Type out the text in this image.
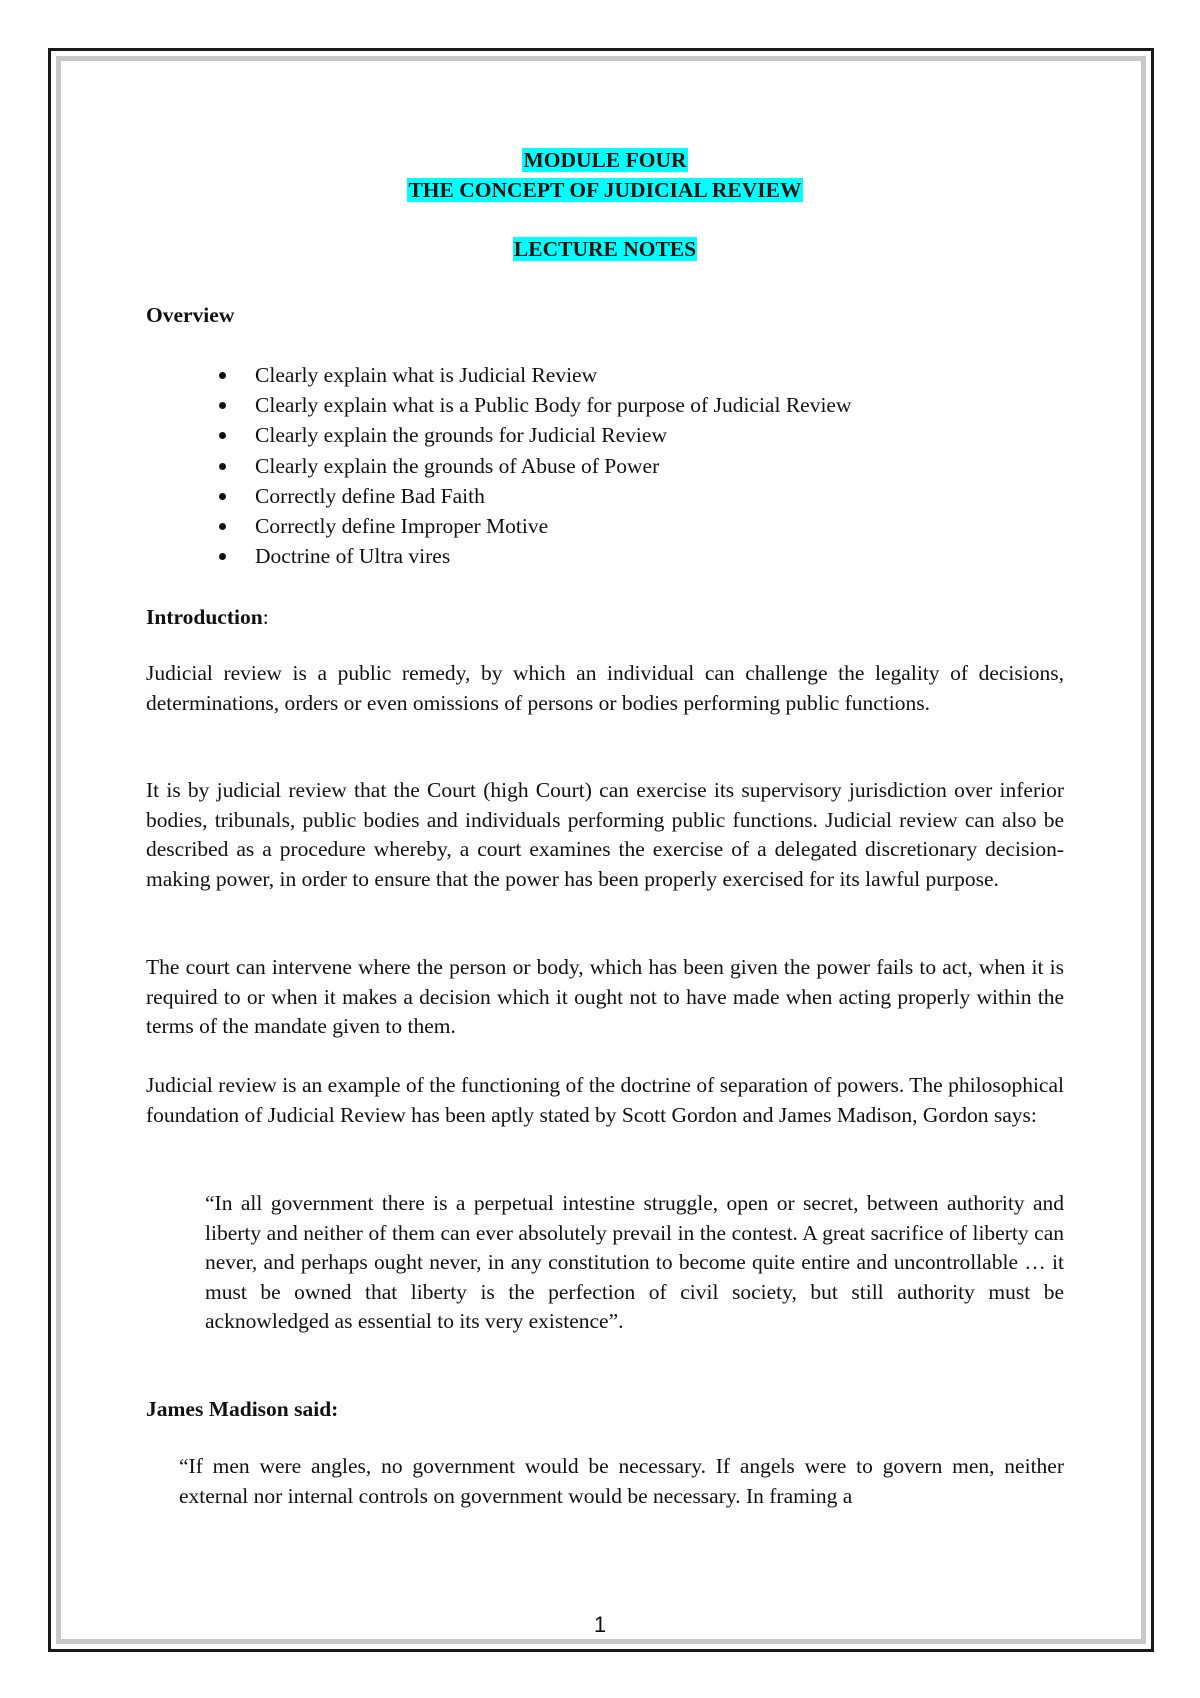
MODULE FOUR
THE CONCEPT OF JUDICIAL REVIEW
LECTURE NOTES
Overview
Clearly explain what is Judicial Review
Clearly explain what is a Public Body for purpose of Judicial Review
Clearly explain the grounds for Judicial Review
Clearly explain the grounds of Abuse of Power
Correctly define Bad Faith
Correctly define Improper Motive
Doctrine of Ultra vires
Introduction:

Judicial review is a public remedy, by which an individual can challenge the legality of decisions, determinations, orders or even omissions of persons or bodies performing public functions.

It is by judicial review that the Court (high Court) can exercise its supervisory jurisdiction over inferior bodies, tribunals, public bodies and individuals performing public functions. Judicial review can also be described as a procedure whereby, a court examines the exercise of a delegated discretionary decision-making power, in order to ensure that the power has been properly exercised for its lawful purpose.

The court can intervene where the person or body, which has been given the power fails to act, when it is required to or when it makes a decision which it ought not to have made when acting properly within the terms of the mandate given to them.

Judicial review is an example of the functioning of the doctrine of separation of powers. The philosophical foundation of Judicial Review has been aptly stated by Scott Gordon and James Madison, Gordon says:

“In all government there is a perpetual intestine struggle, open or secret, between authority and liberty and neither of them can ever absolutely prevail in the contest. A great sacrifice of liberty can never, and perhaps ought never, in any constitution to become quite entire and uncontrollable … it must be owned that liberty is the perfection of civil society, but still authority must be acknowledged as essential to its very existence”.

James Madison said:

“If men were angles, no government would be necessary. If angels were to govern men, neither external nor internal controls on government would be necessary. In framing a

1
